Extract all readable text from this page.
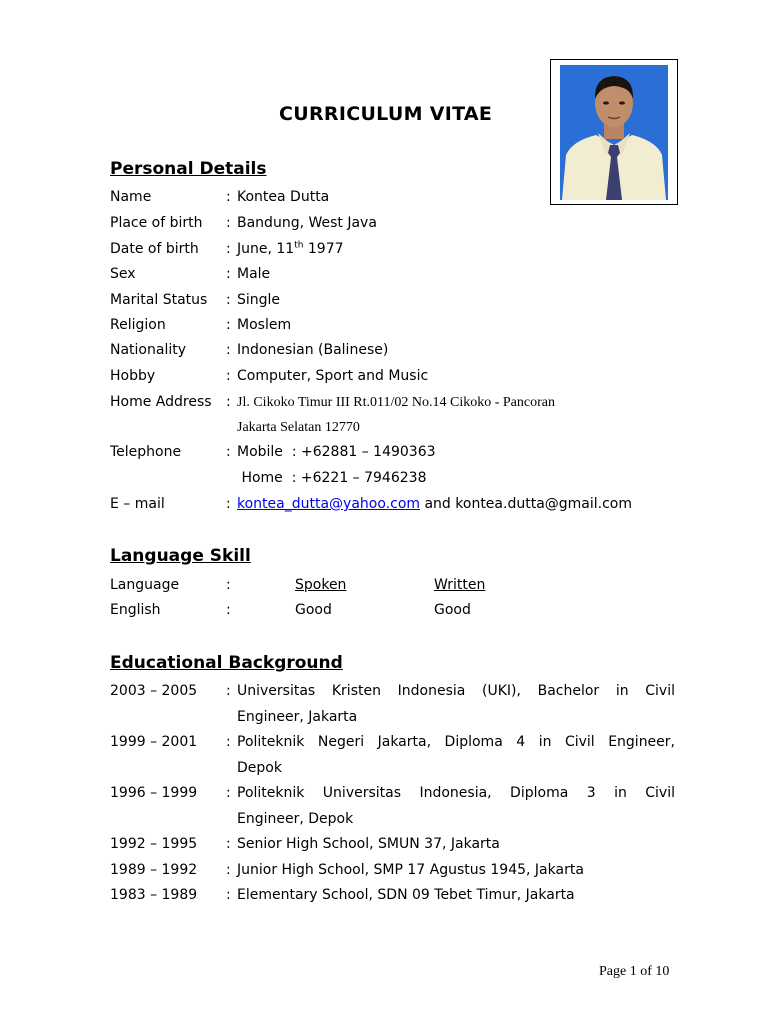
CURRICULUM VITAE
Personal Details
Name	: Kontea Dutta
Place of birth : Bandung, West Java
Date of birth : June, 11th 1977
Sex	: Male
Marital Status : Single
Religion	: Moslem
Nationality	: Indonesian (Balinese)
Hobby	: Computer, Sport and Music
Home Address : Jl. Cikoko Timur III Rt.011/02 No.14 Cikoko - Pancoran
Jakarta Selatan 12770
Telephone	: Mobile  : +62881 – 1490363
Home  : +6221 – 7946238
E – mail	: kontea_dutta@yahoo.com and kontea.dutta@gmail.com
Language Skill
Language	:	Spoken	Written
English	:	Good	Good
Educational Background
2003 – 2005 : Universitas Kristen Indonesia (UKI), Bachelor in Civil
Engineer, Jakarta
1999 – 2001 : Politeknik Negeri Jakarta, Diploma 4 in Civil Engineer,
Depok
1996 – 1999 : Politeknik Universitas Indonesia, Diploma 3 in Civil
Engineer, Depok
1992 – 1995 : Senior High School, SMUN 37, Jakarta
1989 – 1992 : Junior High School, SMP 17 Agustus 1945, Jakarta
1983 – 1989 : Elementary School, SDN 09 Tebet Timur, Jakarta
Page 1 of 10
